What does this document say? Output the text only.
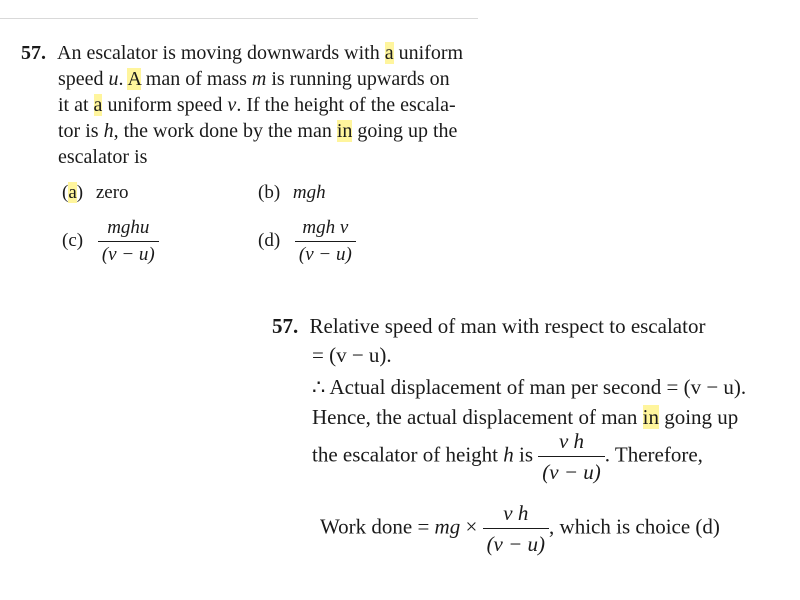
57. An escalator is moving downwards with a uniform
speed u. A man of mass m is running upwards on
it at a uniform speed v. If the height of the escala-
tor is h, the work done by the man in going up the
escalator is
(a) zero	(b) mgh
$(c) \frac{\text{mghu}}{(v - u)}$	$(d) \frac{\text{mgh v}}{(v - u)}$
57. Relative speed of man with respect to escalator
= (v − u).
∴ Actual displacement of man per second = (v − u).
Hence, the actual displacement of man in going up
the escalator of height h is $\frac{\text{v h}}{(v - u)}$ . Therefore,
Work done = mg × $\frac{\text{v h}}{(v - u)}$ , which is choice (d)
